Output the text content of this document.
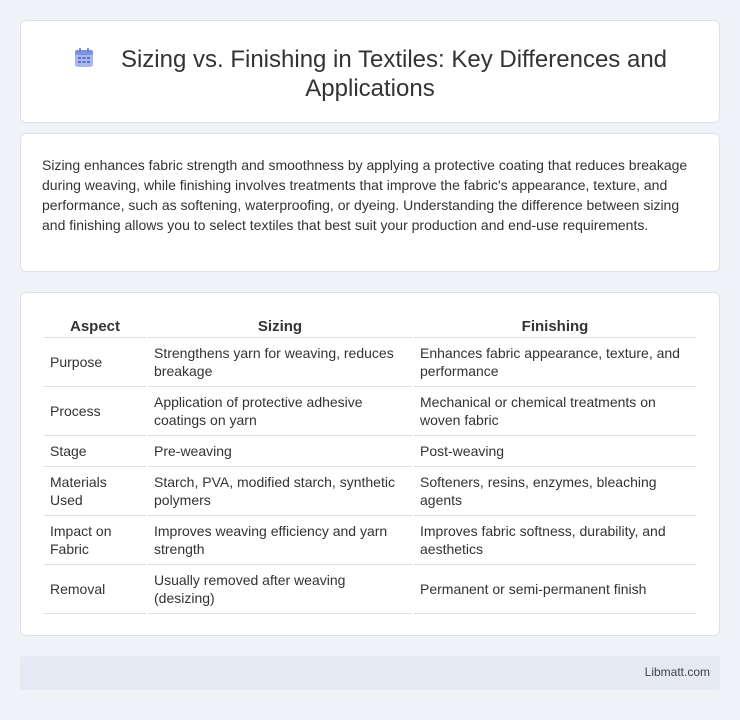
Sizing vs. Finishing in Textiles: Key Differences and Applications

Sizing enhances fabric strength and smoothness by applying a protective coating that reduces breakage during weaving, while finishing involves treatments that improve the fabric's appearance, texture, and performance, such as softening, waterproofing, or dyeing. Understanding the difference between sizing and finishing allows you to select textiles that best suit your production and end-use requirements.

Aspect	Sizing	Finishing
Purpose	Strengthens yarn for weaving, reduces breakage	Enhances fabric appearance, texture, and performance
Process	Application of protective adhesive coatings on yarn	Mechanical or chemical treatments on woven fabric
Stage	Pre-weaving	Post-weaving
Materials Used	Starch, PVA, modified starch, synthetic polymers	Softeners, resins, enzymes, bleaching agents
Impact on Fabric	Improves weaving efficiency and yarn strength	Improves fabric softness, durability, and aesthetics
Removal	Usually removed after weaving (desizing)	Permanent or semi-permanent finish
Libmatt.com
